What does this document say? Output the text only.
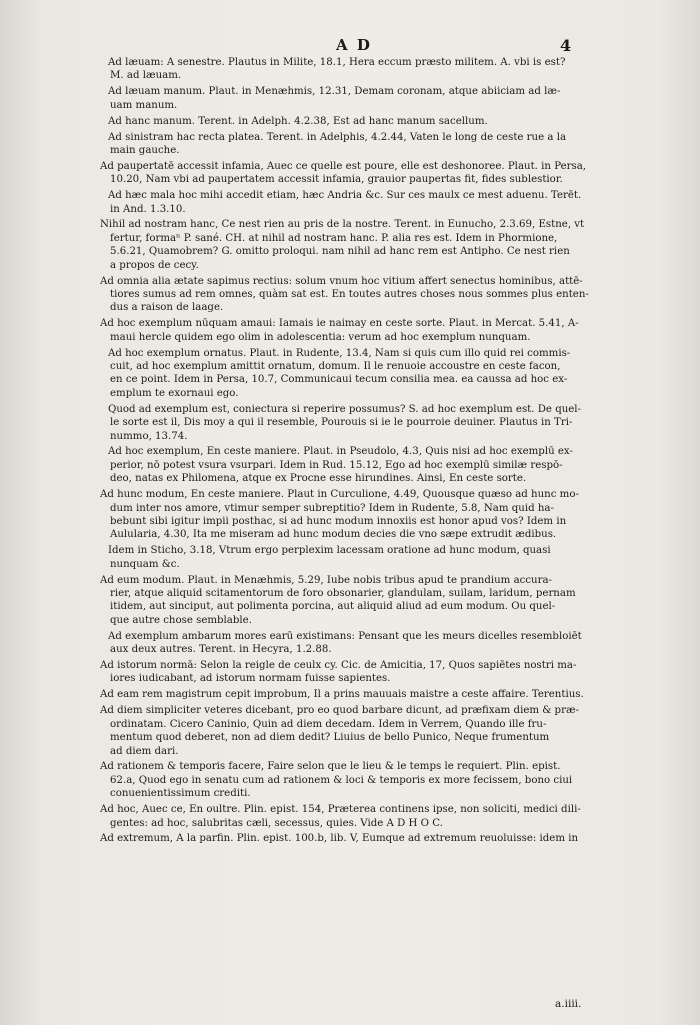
A D	4
Ad læuam: A senestre. Plautus in Milite, 18.1, Hera eccum præsto militem. A. vbi is est?
M. ad læuam.
Ad læuam manum. Plaut. in Menæhmis, 12.31, Demam coronam, atque abiiciam ad læ-
uam manum.
Ad hanc manum. Terent. in Adelph. 4.2.38, Est ad hanc manum sacellum.
Ad sinistram hac recta platea. Terent. in Adelphis, 4.2.44, Vaten le long de ceste rue a la
main gauche.
Ad paupertatē accessit infamia, Auec ce quelle est poure, elle est deshonoree. Plaut. in Persa,
10.20, Nam vbi ad paupertatem accessit infamia, grauior paupertas fit, fides sublestior.
Ad hæc mala hoc mihi accedit etiam, hæc Andria &c. Sur ces maulx ce mest aduenu. Terēt.
in And. 1.3.10.
Nihil ad nostram hanc, Ce nest rien au pris de la nostre. Terent. in Eunucho, 2.3.69, Estne, vt
fertur, formaⁿ P. sané. CH. at nihil ad nostram hanc. P. alia res est. Idem in Phormione,
5.6.21, Quamobrem? G. omitto proloqui. nam nihil ad hanc rem est Antipho. Ce nest rien
a propos de cecy.
Ad omnia alia ætate sapimus rectius: solum vnum hoc vitium affert senectus hominibus, attē-
tiores sumus ad rem omnes, quàm sat est. En toutes autres choses nous sommes plus enten-
dus a raison de laage.
Ad hoc exemplum nūquam amaui: Iamais ie naimay en ceste sorte. Plaut. in Mercat. 5.41, A-
maui hercle quidem ego olim in adolescentia: verum ad hoc exemplum nunquam.
Ad hoc exemplum ornatus. Plaut. in Rudente, 13.4, Nam si quis cum illo quid rei commis-
cuit, ad hoc exemplum amittit ornatum, domum. Il le renuoie accoustre en ceste facon,
en ce point. Idem in Persa, 10.7, Communicaui tecum consilia mea. ea caussa ad hoc ex-
emplum te exornaui ego.
Quod ad exemplum est, coniectura si reperire possumus? S. ad hoc exemplum est. De quel-
le sorte est il, Dis moy a qui il resemble, Pourouis si ie le pourroie deuiner. Plautus in Tri-
nummo, 13.74.
Ad hoc exemplum, En ceste maniere. Plaut. in Pseudolo, 4.3, Quis nisi ad hoc exemplū ex-
perior, nō potest vsura vsurpari. Idem in Rud. 15.12, Ego ad hoc exemplū similæ respō-
deo, natas ex Philomena, atque ex Procne esse hirundines. Ainsi, En ceste sorte.
Ad hunc modum, En ceste maniere. Plaut in Curculione, 4.49, Quousque quæso ad hunc mo-
dum inter nos amore, vtimur semper subreptitio? Idem in Rudente, 5.8, Nam quid ha-
bebunt sibi igitur impii posthac, si ad hunc modum innoxiis est honor apud vos? Idem in
Aulularia, 4.30, Ita me miseram ad hunc modum decies die vno sæpe extrudit ædibus.
Idem in Sticho, 3.18, Vtrum ergo perplexim lacessam oratione ad hunc modum, quasi
nunquam &c.
Ad eum modum. Plaut. in Menæhmis, 5.29, Iube nobis tribus apud te prandium accura-
rier, atque aliquid scitamentorum de foro obsonarier, glandulam, suilam, laridum, pernam
itidem, aut sinciput, aut polimenta porcina, aut aliquid aliud ad eum modum. Ou quel-
que autre chose semblable.
Ad exemplum ambarum mores earū existimans: Pensant que les meurs dicelles resembloiēt
aux deux autres. Terent. in Hecyra, 1.2.88.
Ad istorum normā: Selon la reigle de ceulx cy. Cic. de Amicitia, 17, Quos sapiētes nostri ma-
iores iudicabant, ad istorum normam fuisse sapientes.
Ad eam rem magistrum cepit improbum, Il a prins mauuais maistre a ceste affaire. Terentius.
Ad diem simpliciter veteres dicebant, pro eo quod barbare dicunt, ad præfixam diem & præ-
ordinatam. Cicero Caninio, Quin ad diem decedam. Idem in Verrem, Quando ille fru-
mentum quod deberet, non ad diem dedit? Liuius de bello Punico, Neque frumentum
ad diem dari.
Ad rationem & temporis facere, Faire selon que le lieu & le temps le requiert. Plin. epist.
62.a, Quod ego in senatu cum ad rationem & loci & temporis ex more fecissem, bono ciui
conuenientissimum crediti.
Ad hoc, Auec ce, En oultre. Plin. epist. 154, Præterea continens ipse, non soliciti, medici dili-
gentes: ad hoc, salubritas cæli, secessus, quies. Vide A D H O C.
Ad extremum, A la parfin. Plin. epist. 100.b, lib. V, Eumque ad extremum reuoluisse: idem in
a.iiii.
